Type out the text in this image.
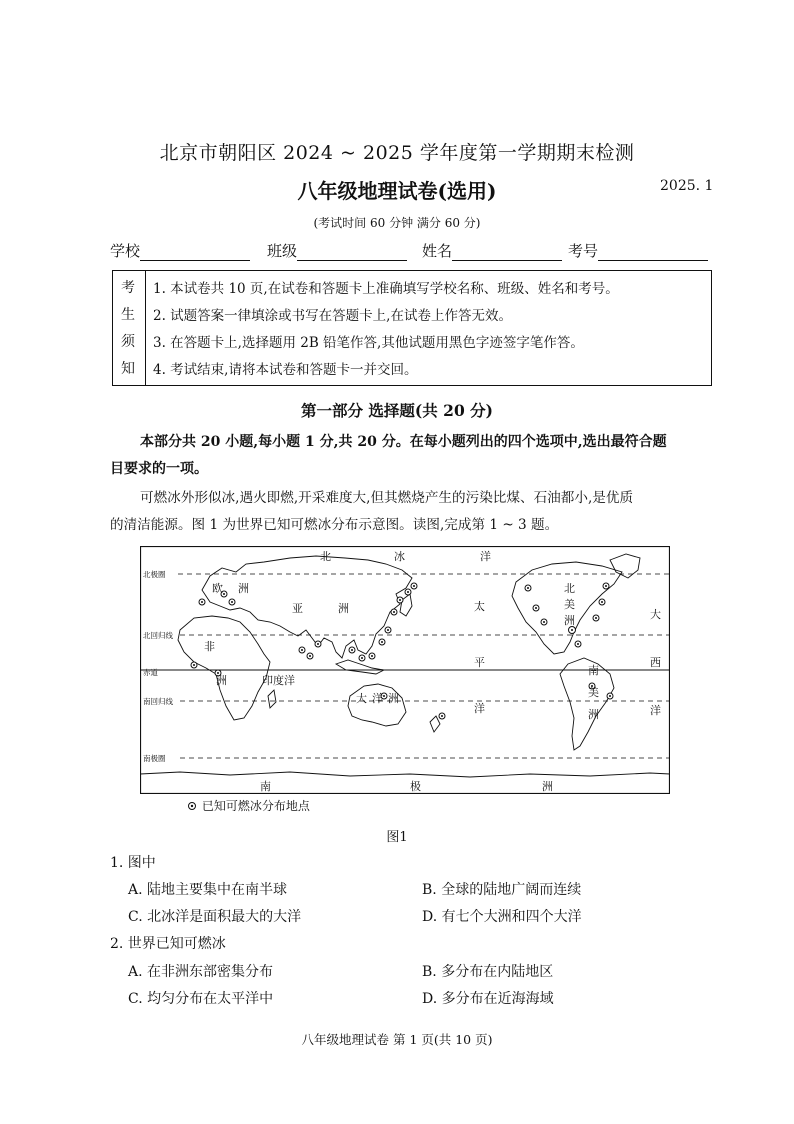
北京市朝阳区 2024 ~ 2025 学年度第一学期期末检测
八年级地理试卷(选用)	2025. 1
(考试时间 60 分钟 满分 60 分)
学校	班级	姓名	考号
考
生
须
知
1. 本试卷共 10 页,在试卷和答题卡上准确填写学校名称、班级、姓名和考号。
2. 试题答案一律填涂或书写在答题卡上,在试卷上作答无效。
3. 在答题卡上,选择题用 2B 铅笔作答,其他试题用黑色字迹签字笔作答。
4. 考试结束,请将本试卷和答题卡一并交回。
第一部分 选择题(共 20 分)
本部分共 20 小题,每小题 1 分,共 20 分。在每小题列出的四个选项中,选出最符合题
目要求的一项。
可燃冰外形似冰,遇火即燃,开采难度大,但其燃烧产生的污染比煤、石油都小,是优质
的清洁能源。图 1 为世界已知可燃冰分布示意图。读图,完成第 1 ~ 3 题。
北极圈
北回归线
赤道
南回归线
南极圈
北	冰	洋
欧 洲
亚	洲
非
洲
太
平
洋
印度洋
大 洋 洲
北
美
洲	大
西
洋
南
美
洲
南	极	洲
已知可燃冰分布地点
图1
1. 图中
A. 陆地主要集中在南半球	B. 全球的陆地广阔而连续
C. 北冰洋是面积最大的大洋	D. 有七个大洲和四个大洋
2. 世界已知可燃冰
A. 在非洲东部密集分布	B. 多分布在内陆地区
C. 均匀分布在太平洋中	D. 多分布在近海海域
八年级地理试卷 第 1 页(共 10 页)
